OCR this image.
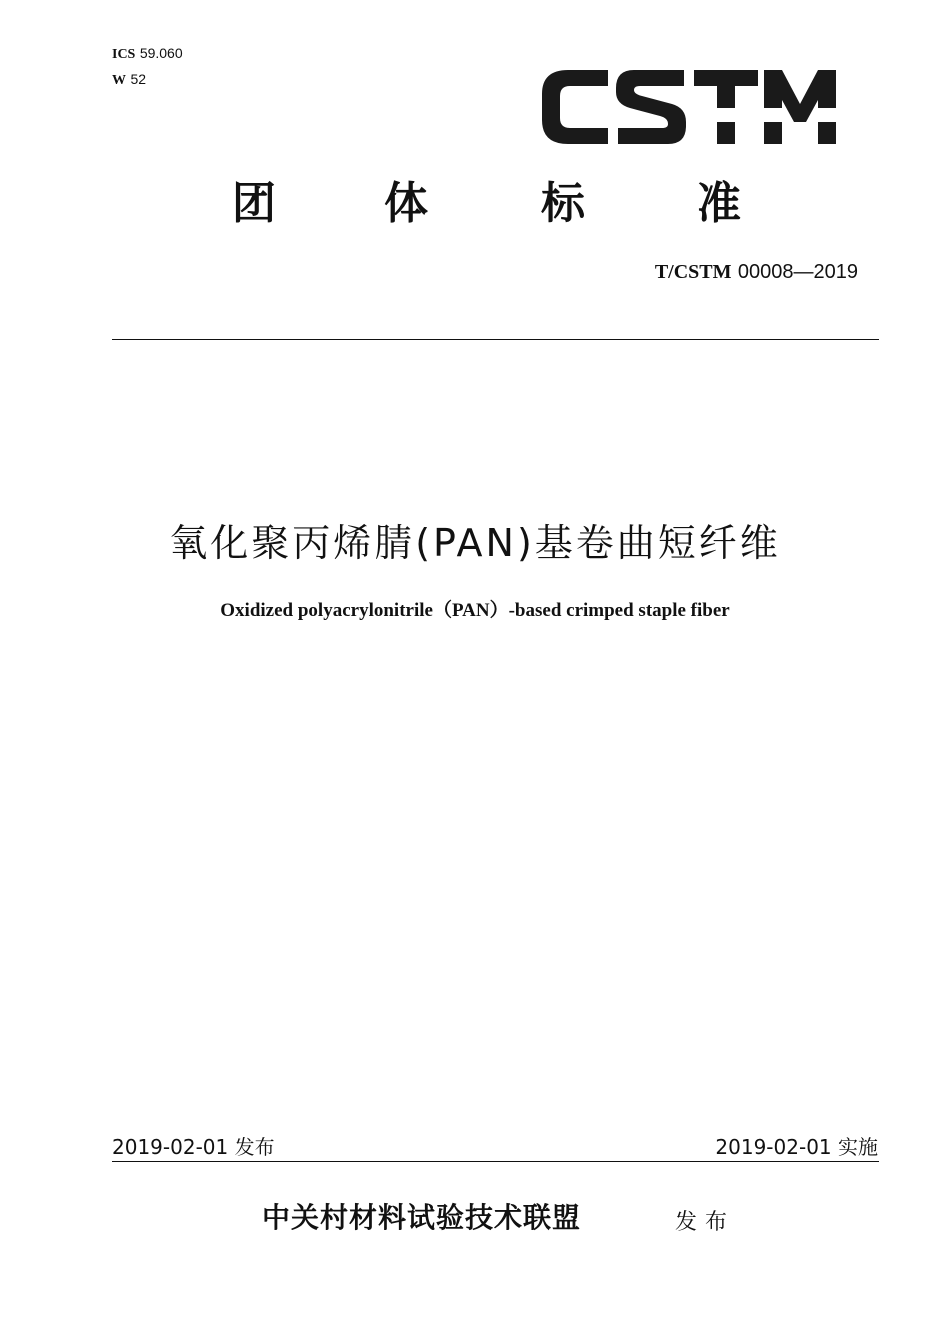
ICS 59.060
W 52
团 体	标	准
T/CSTM 00008—2019
氧化聚丙烯腈(PAN)基卷曲短纤维
Oxidized polyacrylonitrile（PAN）-based crimped staple fiber
2019-02-01 发布	2019-02-01 实施
中关村材料试验技术联盟	发布
